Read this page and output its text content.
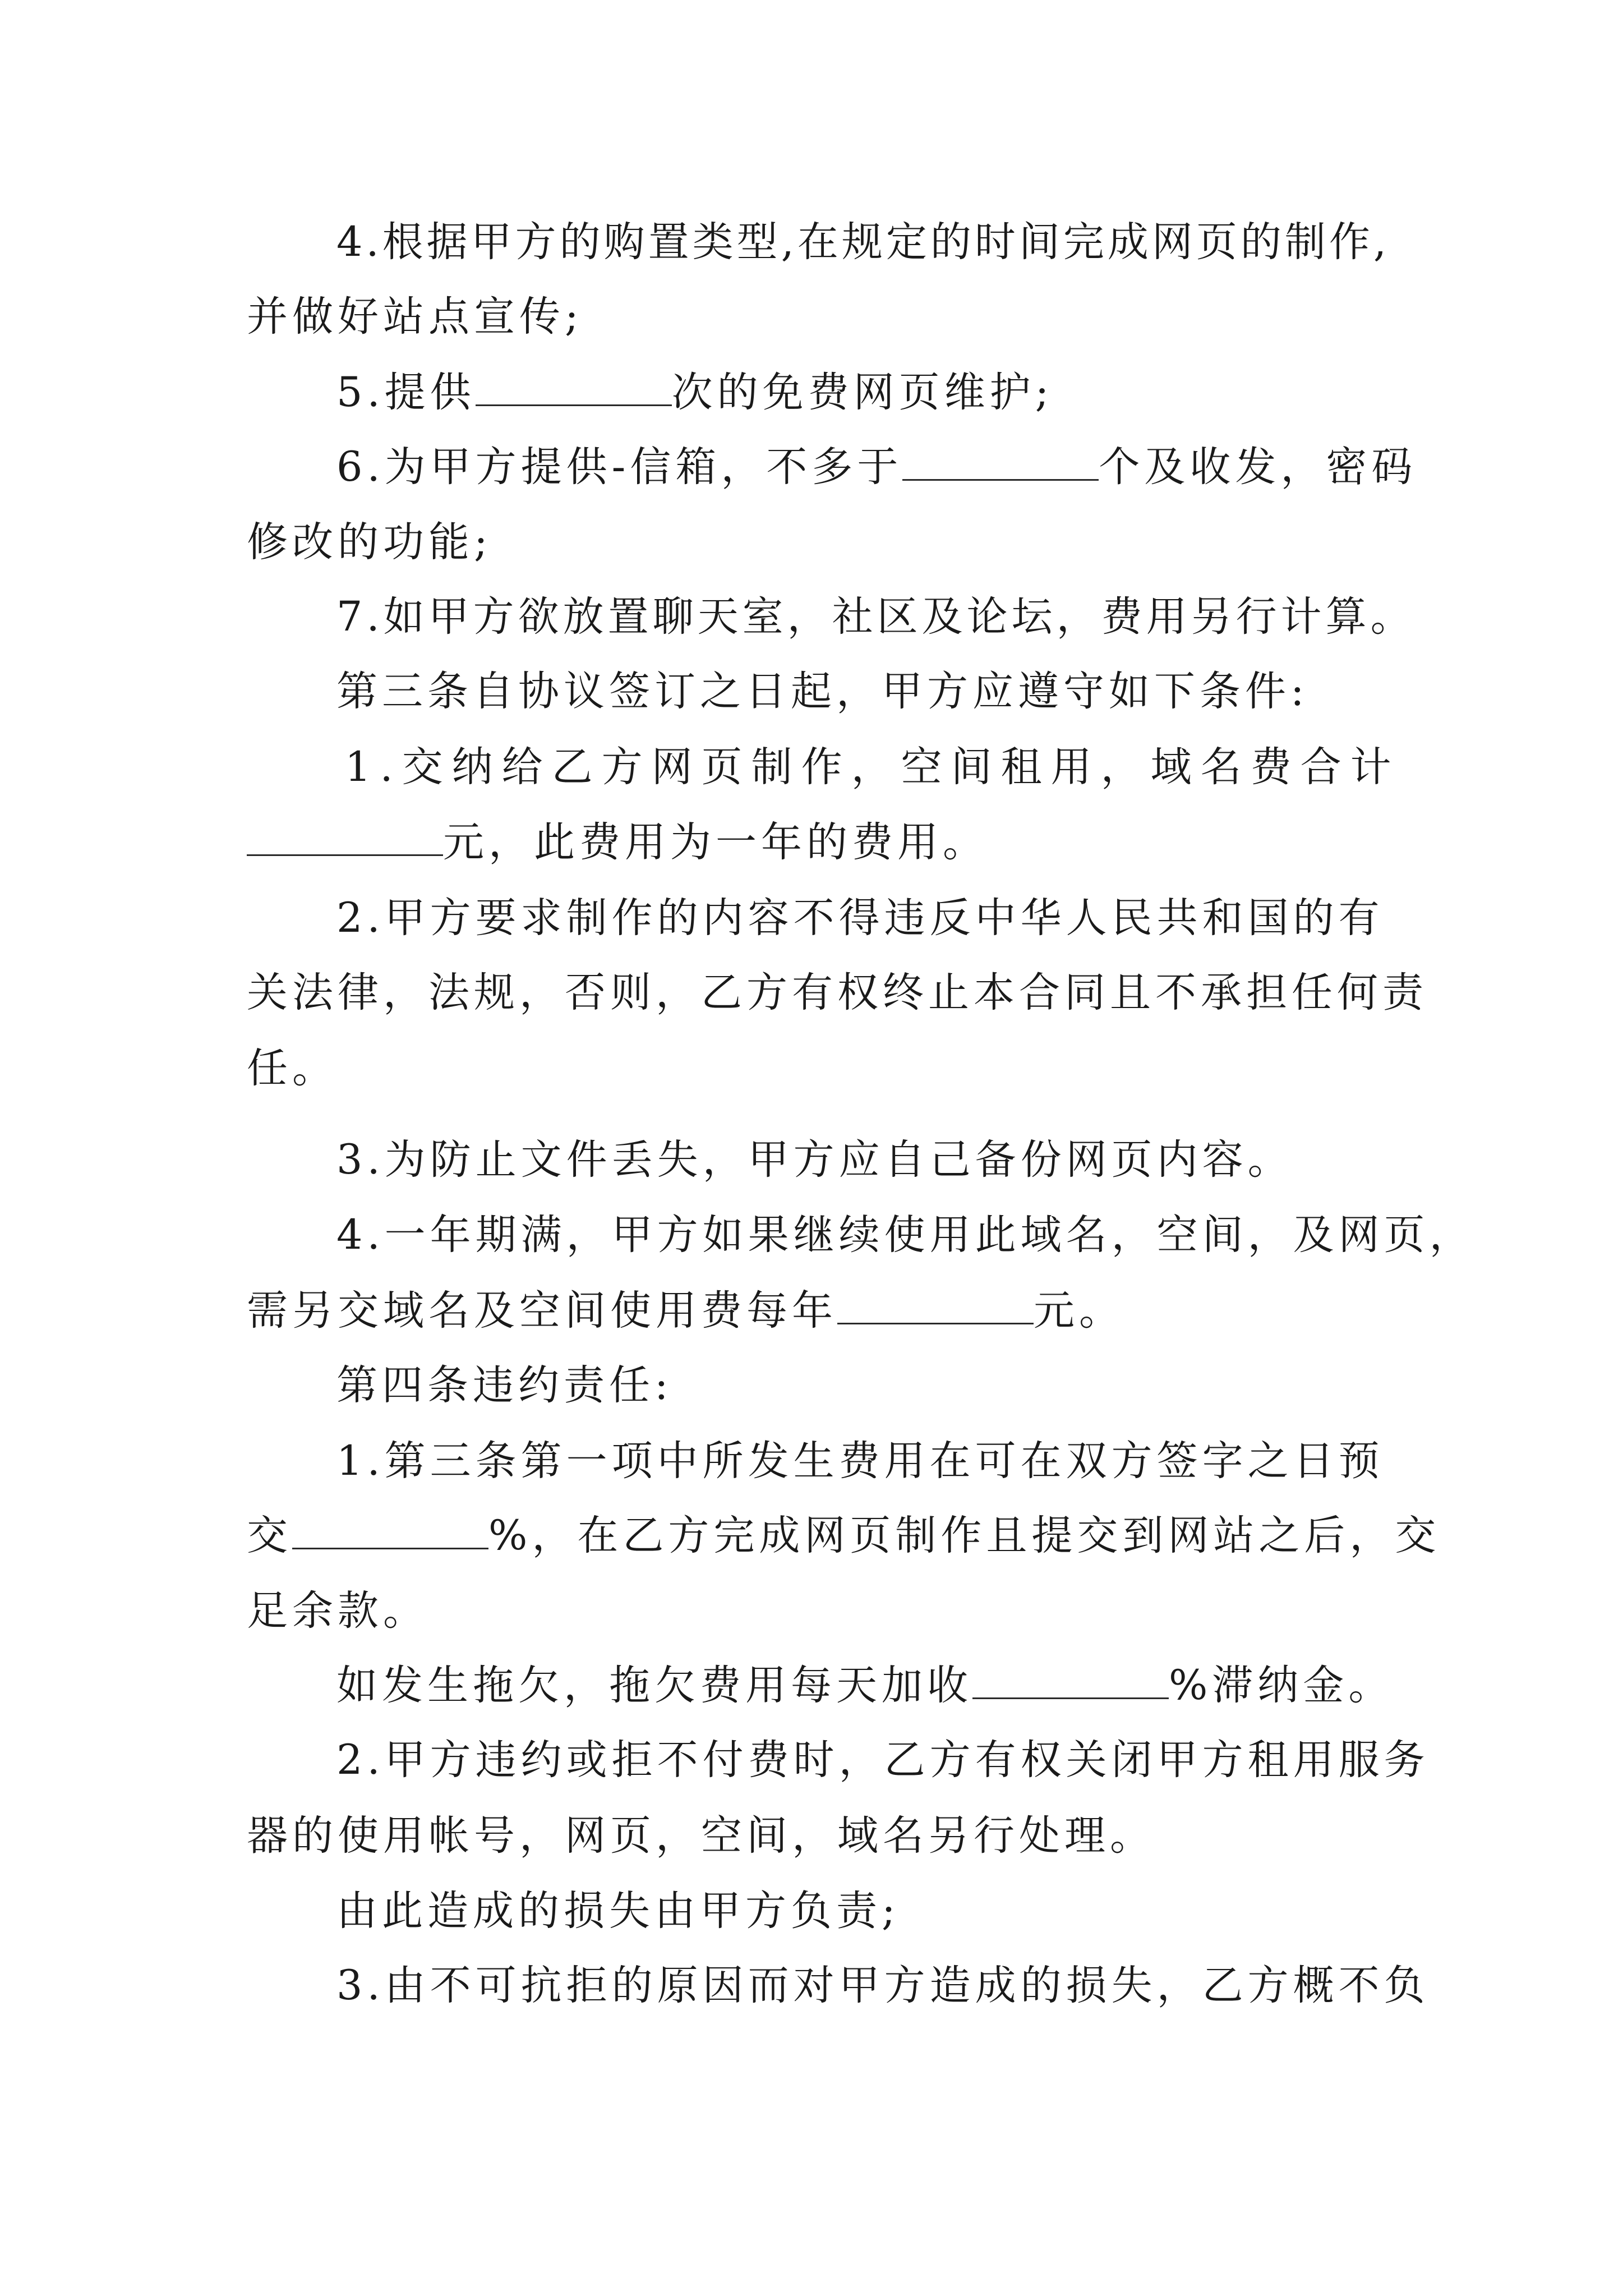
4.根据甲方的购置类型,在规定的时间完成网页的制作,
并做好站点宣传;
5.提供	次的免费网页维护;
6.为甲方提供-信箱，不多于	个及收发，密码
修改的功能;
7.如甲方欲放置聊天室，社区及论坛，费用另行计算。
第三条自协议签订之日起，甲方应遵守如下条件:
1.交纳给乙方网页制作，空间租用，域名费合计
元，此费用为一年的费用。
2.甲方要求制作的内容不得违反中华人民共和国的有
关法律，法规，否则，乙方有权终止本合同且不承担任何责
任。
3.为防止文件丢失，甲方应自己备份网页内容。
4.一年期满，甲方如果继续使用此域名，空间，及网页，
需另交域名及空间使用费每年	元。
第四条违约责任:
1.第三条第一项中所发生费用在可在双方签字之日预
交	%，在乙方完成网页制作且提交到网站之后，交
足余款。
如发生拖欠，拖欠费用每天加收	%滞纳金。
2.甲方违约或拒不付费时，乙方有权关闭甲方租用服务
器的使用帐号，网页，空间，域名另行处理。
由此造成的损失由甲方负责;
3.由不可抗拒的原因而对甲方造成的损失，乙方概不负
